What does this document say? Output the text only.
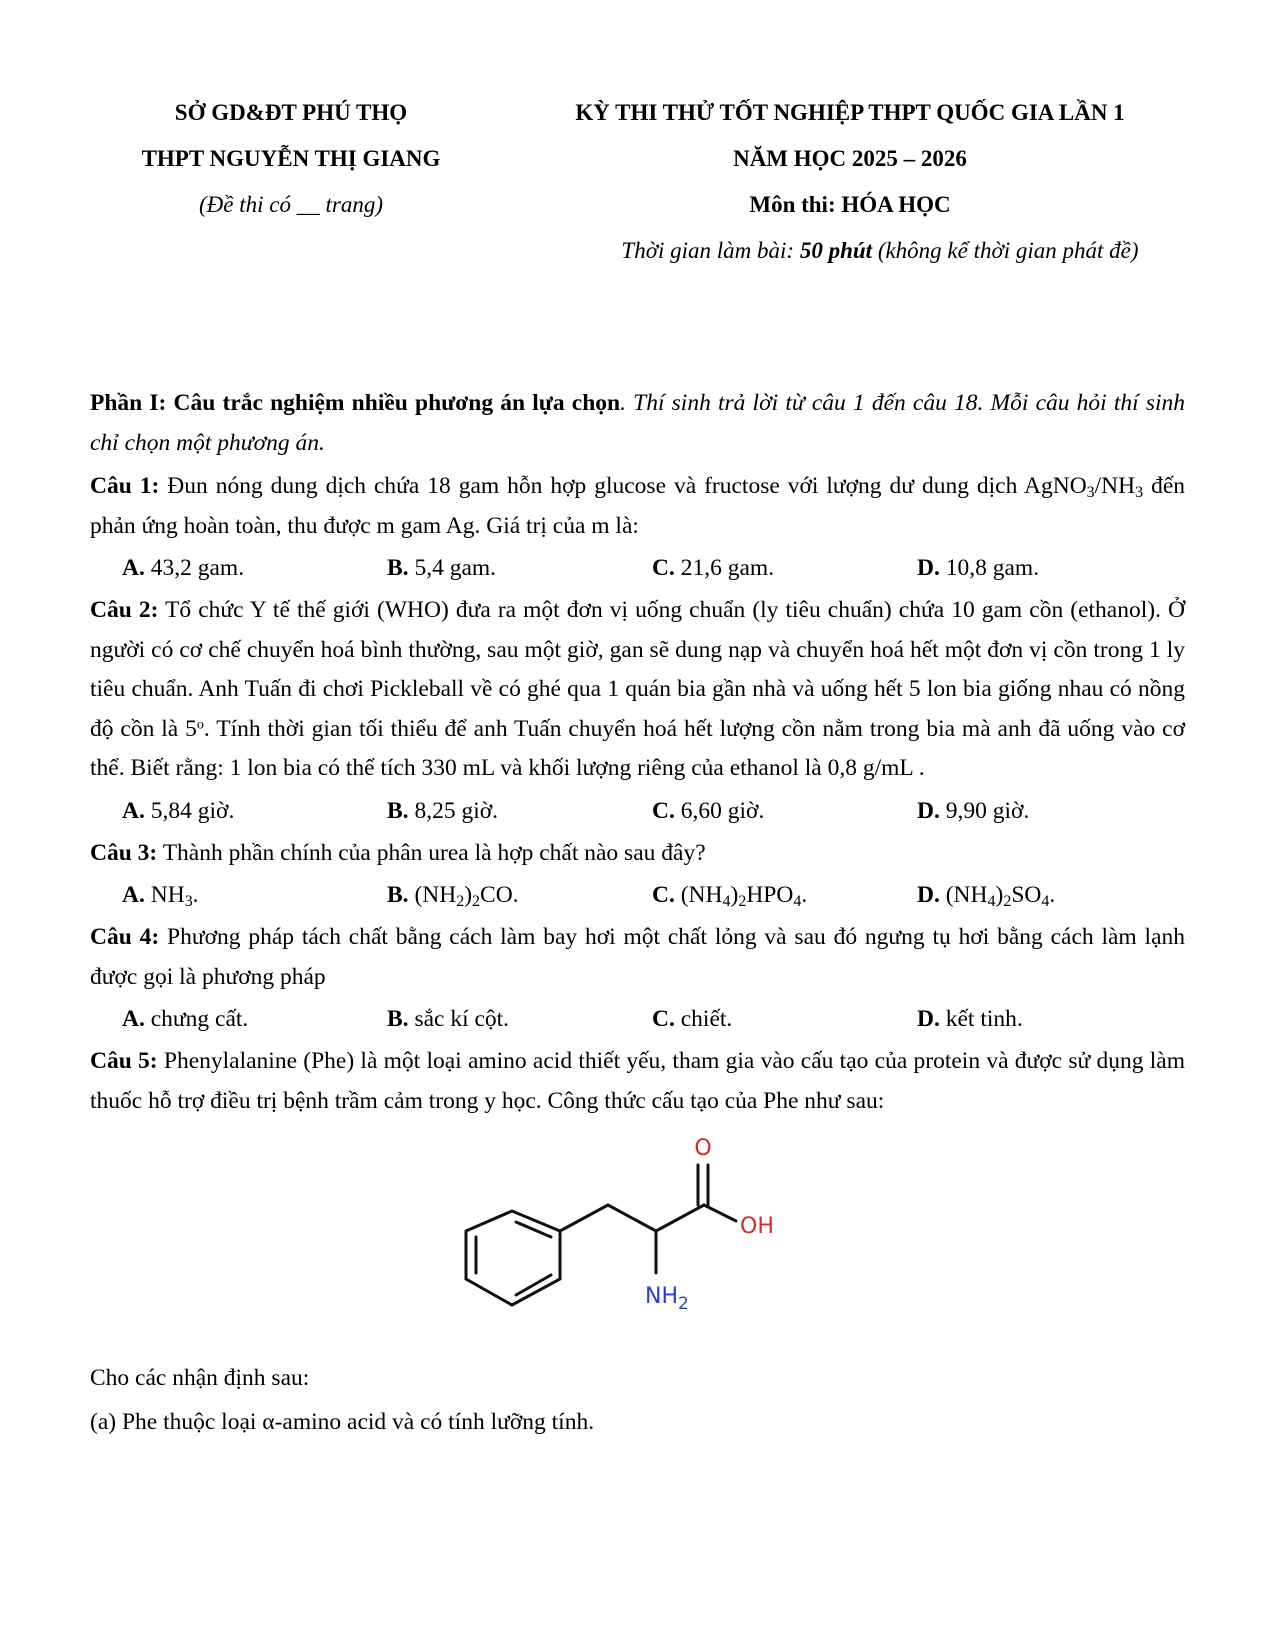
SỞ GD&ĐT PHÚ THỌ
THPT NGUYỄN THỊ GIANG
(Đề thi có __ trang)
KỲ THI THỬ TỐT NGHIỆP THPT QUỐC GIA LẦN 1
NĂM HỌC 2025 – 2026
Môn thi: HÓA HỌC
Thời gian làm bài: 50 phút (không kể thời gian phát đề)

Phần I: Câu trắc nghiệm nhiều phương án lựa chọn. Thí sinh trả lời từ câu 1 đến câu 18. Mỗi câu hỏi thí sinh chỉ chọn một phương án.

Câu 1: Đun nóng dung dịch chứa 18 gam hỗn hợp glucose và fructose với lượng dư dung dịch $AgNO_3/NH_3$ đến phản ứng hoàn toàn, thu được m gam Ag. Giá trị của m là:

A. 43,2 gam.	B. 5,4 gam.	C. 21,6 gam.	D. 10,8 gam.

Câu 2: Tổ chức Y tế thế giới (WHO) đưa ra một đơn vị uống chuẩn (ly tiêu chuẩn) chứa 10 gam cồn (ethanol). Ở người có cơ chế chuyển hoá bình thường, sau một giờ, gan sẽ dung nạp và chuyển hoá hết một đơn vị cồn trong 1 ly tiêu chuẩn. Anh Tuấn đi chơi Pickleball về có ghé qua 1 quán bia gần nhà và uống hết 5 lon bia giống nhau có nồng độ cồn là 5$^o$. Tính thời gian tối thiểu để anh Tuấn chuyển hoá hết lượng cồn nằm trong bia mà anh đã uống vào cơ thể. Biết rằng: 1 lon bia có thể tích 330 mL và khối lượng riêng của ethanol là 0,8 g/mL .

A. 5,84 giờ.	B. 8,25 giờ.	C. 6,60 giờ.	D. 9,90 giờ.

Câu 3: Thành phần chính của phân urea là hợp chất nào sau đây?

A. $NH_3$.	B. $(NH_2)_2CO$.	C. $(NH_4)_2HPO_4$.	D. $(NH_4)_2SO_4$.

Câu 4: Phương pháp tách chất bằng cách làm bay hơi một chất lỏng và sau đó ngưng tụ hơi bằng cách làm lạnh được gọi là phương pháp

A. chưng cất.	B. sắc kí cột.	C. chiết.	D. kết tinh.

Câu 5: Phenylalanine (Phe) là một loại amino acid thiết yếu, tham gia vào cấu tạo của protein và được sử dụng làm thuốc hỗ trợ điều trị bệnh trầm cảm trong y học. Công thức cấu tạo của Phe như sau:

O
OH
$NH_2$

Cho các nhận định sau:

(a) Phe thuộc loại α-amino acid và có tính lưỡng tính.
